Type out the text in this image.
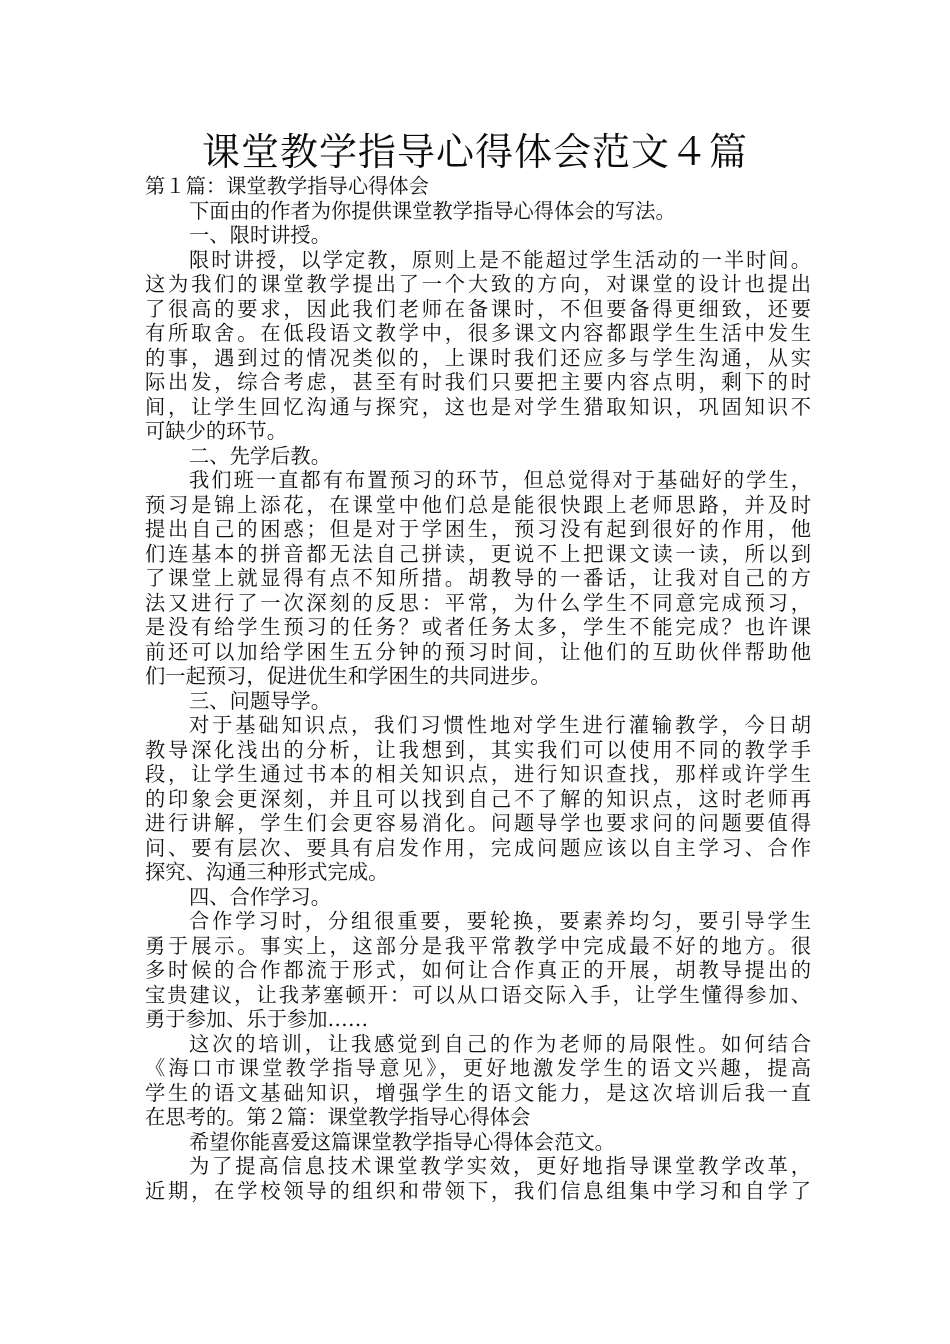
课堂教学指导心得体会范文４篇
第１篇：课堂教学指导心得体会
下面由的作者为你提供课堂教学指导心得体会的写法。
一、限时讲授。
限时讲授，以学定教，原则上是不能超过学生活动的一半时间。
这为我们的课堂教学提出了一个大致的方向，对课堂的设计也提出
了很高的要求，因此我们老师在备课时，不但要备得更细致，还要
有所取舍。在低段语文教学中，很多课文内容都跟学生生活中发生
的事，遇到过的情况类似的，上课时我们还应多与学生沟通，从实
际出发，综合考虑，甚至有时我们只要把主要内容点明，剩下的时
间，让学生回忆沟通与探究，这也是对学生猎取知识，巩固知识不
可缺少的环节。
二、先学后教。
我们班一直都有布置预习的环节，但总觉得对于基础好的学生，
预习是锦上添花，在课堂中他们总是能很快跟上老师思路，并及时
提出自己的困惑；但是对于学困生，预习没有起到很好的作用，他
们连基本的拼音都无法自己拼读，更说不上把课文读一读，所以到
了课堂上就显得有点不知所措。胡教导的一番话，让我对自己的方
法又进行了一次深刻的反思：平常，为什么学生不同意完成预习，
是没有给学生预习的任务？或者任务太多，学生不能完成？也许课
前还可以加给学困生五分钟的预习时间，让他们的互助伙伴帮助他
们一起预习，促进优生和学困生的共同进步。
三、问题导学。
对于基础知识点，我们习惯性地对学生进行灌输教学，今日胡
教导深化浅出的分析，让我想到，其实我们可以使用不同的教学手
段，让学生通过书本的相关知识点，进行知识查找，那样或许学生
的印象会更深刻，并且可以找到自己不了解的知识点，这时老师再
进行讲解，学生们会更容易消化。问题导学也要求问的问题要值得
问、要有层次、要具有启发作用，完成问题应该以自主学习、合作
探究、沟通三种形式完成。
四、合作学习。
合作学习时，分组很重要，要轮换，要素养均匀，要引导学生
勇于展示。事实上，这部分是我平常教学中完成最不好的地方。很
多时候的合作都流于形式，如何让合作真正的开展，胡教导提出的
宝贵建议，让我茅塞顿开：可以从口语交际入手，让学生懂得参加、
勇于参加、乐于参加……
这次的培训，让我感觉到自己的作为老师的局限性。如何结合
《海口市课堂教学指导意见》，更好地激发学生的语文兴趣，提高
学生的语文基础知识，增强学生的语文能力，是这次培训后我一直
在思考的。第２篇：课堂教学指导心得体会
希望你能喜爱这篇课堂教学指导心得体会范文。
为了提高信息技术课堂教学实效，更好地指导课堂教学改革，
近期，在学校领导的组织和带领下，我们信息组集中学习和自学了
